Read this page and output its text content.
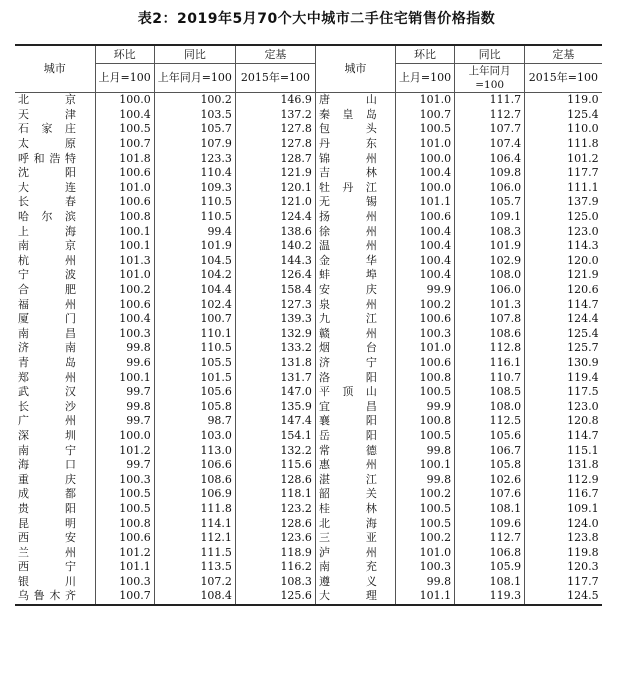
表2：2019年5月70个大中城市二手住宅销售价格指数
城市	环比	同比	定基	城市	环比	同比	定基
	上月=100	上年同月=100	2015年=100		上月=100	上年同月=100	2015年=100
北京	100.0	100.2	146.9	唐山	101.0	111.7	119.0
天津	100.4	103.5	137.2	秦皇岛	100.7	112.7	125.4
石家庄	100.5	105.7	127.8	包头	100.5	107.7	110.0
太原	100.7	107.9	127.8	丹东	101.0	107.4	111.8
呼和浩特	101.8	123.3	128.7	锦州	100.0	106.4	101.2
沈阳	100.6	110.4	121.9	吉林	100.4	109.8	117.7
大连	101.0	109.3	120.1	牡丹江	100.0	106.0	111.1
长春	100.6	110.5	121.0	无锡	101.1	105.7	137.9
哈尔滨	100.8	110.5	124.4	扬州	100.6	109.1	125.0
上海	100.1	99.4	138.6	徐州	100.4	108.3	123.0
南京	100.1	101.9	140.2	温州	100.4	101.9	114.3
杭州	101.3	104.5	144.3	金华	100.4	102.9	120.0
宁波	101.0	104.2	126.4	蚌埠	100.4	108.0	121.9
合肥	100.2	104.4	158.4	安庆	99.9	106.0	120.6
福州	100.6	102.4	127.3	泉州	100.2	101.3	114.7
厦门	100.4	100.7	139.3	九江	100.6	107.8	124.4
南昌	100.3	110.1	132.9	赣州	100.3	108.6	125.4
济南	99.8	110.5	133.2	烟台	101.0	112.8	125.7
青岛	99.6	105.5	131.8	济宁	100.6	116.1	130.9
郑州	100.1	101.5	131.7	洛阳	100.8	110.7	119.4
武汉	99.7	105.6	147.0	平顶山	100.5	108.5	117.5
长沙	99.8	105.8	135.9	宜昌	99.9	108.0	123.0
广州	99.7	98.7	147.4	襄阳	100.8	112.5	120.8
深圳	100.0	103.0	154.1	岳阳	100.5	105.6	114.7
南宁	101.2	113.0	132.2	常德	99.8	106.7	115.1
海口	99.7	106.6	115.6	惠州	100.1	105.8	131.8
重庆	100.3	108.6	128.6	湛江	99.8	102.6	112.9
成都	100.5	106.9	118.1	韶关	100.2	107.6	116.7
贵阳	100.5	111.8	123.2	桂林	100.5	108.1	109.1
昆明	100.8	114.1	128.6	北海	100.5	109.6	124.0
西安	100.6	112.1	123.6	三亚	100.2	112.7	123.8
兰州	101.2	111.5	118.9	泸州	101.0	106.8	119.8
西宁	101.1	113.5	116.2	南充	100.3	105.9	120.3
银川	100.3	107.2	108.3	遵义	99.8	108.1	117.7
乌鲁木齐	100.7	108.4	125.6	大理	101.1	119.3	124.5
